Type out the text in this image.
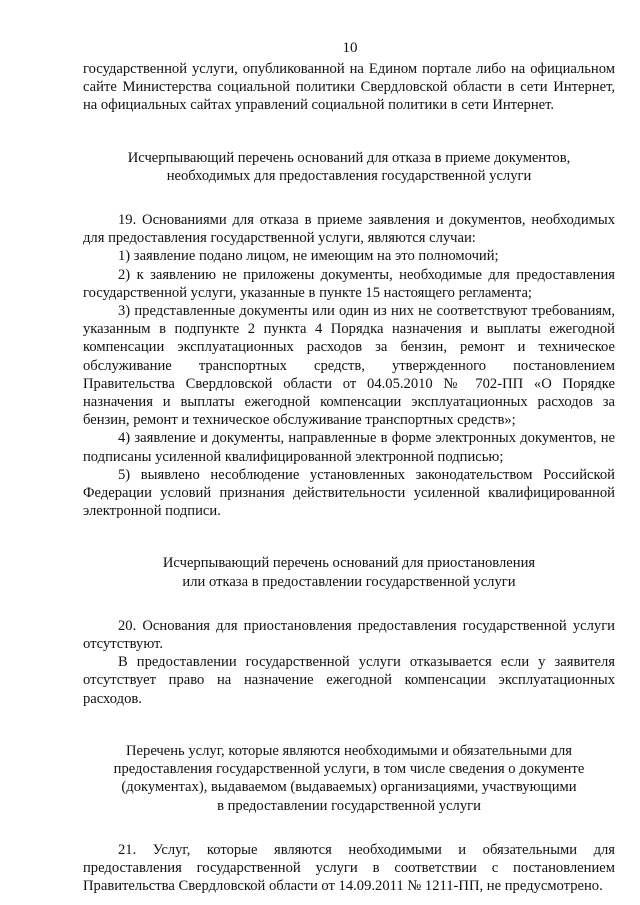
10

государственной услуги, опубликованной на Едином портале либо на официальном сайте Министерства социальной политики Свердловской области в сети Интернет, на официальных сайтах управлений социальной политики в сети Интернет.

Исчерпывающий перечень оснований для отказа в приеме документов,

необходимых для предоставления государственной услуги

19. Основаниями для отказа в приеме заявления и документов, необходимых для предоставления государственной услуги, являются случаи:

1) заявление подано лицом, не имеющим на это полномочий;

2) к заявлению не приложены документы, необходимые для предоставления государственной услуги, указанные в пункте 15 настоящего регламента;

3) представленные документы или один из них не соответствуют требованиям, указанным в подпункте 2 пункта 4 Порядка назначения и выплаты ежегодной компенсации эксплуатационных расходов за бензин, ремонт и техническое обслуживание транспортных средств, утвержденного постановлением Правительства Свердловской области от 04.05.2010 № 702-ПП «О Порядке назначения и выплаты ежегодной компенсации эксплуатационных расходов за бензин, ремонт и техническое обслуживание транспортных средств»;

4) заявление и документы, направленные в форме электронных документов, не подписаны усиленной квалифицированной электронной подписью;

5) выявлено несоблюдение установленных законодательством Российской Федерации условий признания действительности усиленной квалифицированной электронной подписи.

Исчерпывающий перечень оснований для приостановления

или отказа в предоставлении государственной услуги

20. Основания для приостановления предоставления государственной услуги отсутствуют.

В предоставлении государственной услуги отказывается если у заявителя отсутствует право на назначение ежегодной компенсации эксплуатационных расходов.

Перечень услуг, которые являются необходимыми и обязательными для

предоставления государственной услуги, в том числе сведения о документе

(документах), выдаваемом (выдаваемых) организациями, участвующими

в предоставлении государственной услуги

21. Услуг, которые являются необходимыми и обязательными для предоставления государственной услуги в соответствии с постановлением Правительства Свердловской области от 14.09.2011 № 1211-ПП, не предусмотрено.
